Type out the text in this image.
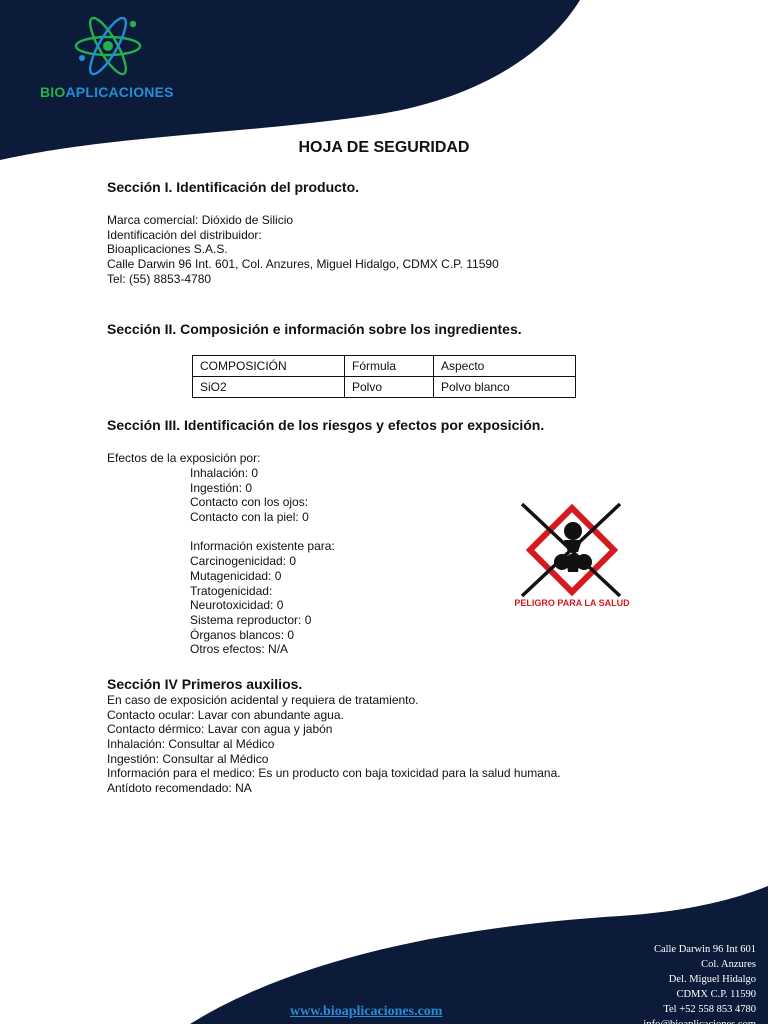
BIOAPLICACIONES
HOJA DE SEGURIDAD
Sección I. Identificación del producto.
Marca comercial: Dióxido de Silicio
Identificación del distribuidor:
Bioaplicaciones S.A.S.
Calle Darwin 96 Int. 601, Col. Anzures, Miguel Hidalgo, CDMX C.P. 11590
Tel: (55) 8853-4780
Sección II. Composición e información sobre los ingredientes.
COMPOSICIÓN	Fórmula	Aspecto
SiO2	Polvo	Polvo blanco
Sección III. Identificación de los riesgos y efectos por exposición.
Efectos de la exposición por:
Inhalación: 0
Ingestión: 0
Contacto con los ojos:
Contacto con la piel: 0
Información existente para:
Carcinogenicidad: 0
Mutagenicidad: 0
Tratogenicidad:
Neurotoxicidad: 0
Sistema reproductor: 0
Órganos blancos: 0
Otros efectos: N/A
PELIGRO PARA LA SALUD
Sección IV Primeros auxilios.
En caso de exposición acidental y requiera de tratamiento.
Contacto ocular: Lavar con abundante agua.
Contacto dérmico: Lavar con agua y jabón
Inhalación: Consultar al Médico
Ingestión: Consultar al Médico
Información para el medico: Es un producto con baja toxicidad para la salud humana.
Antídoto recomendado: NA
Calle Darwin 96 Int 601
Col. Anzures
Del. Miguel Hidalgo
CDMX C.P. 11590
Tel +52 558 853 4780
info@bioaplicaciones.com
www.bioaplicaciones.com
